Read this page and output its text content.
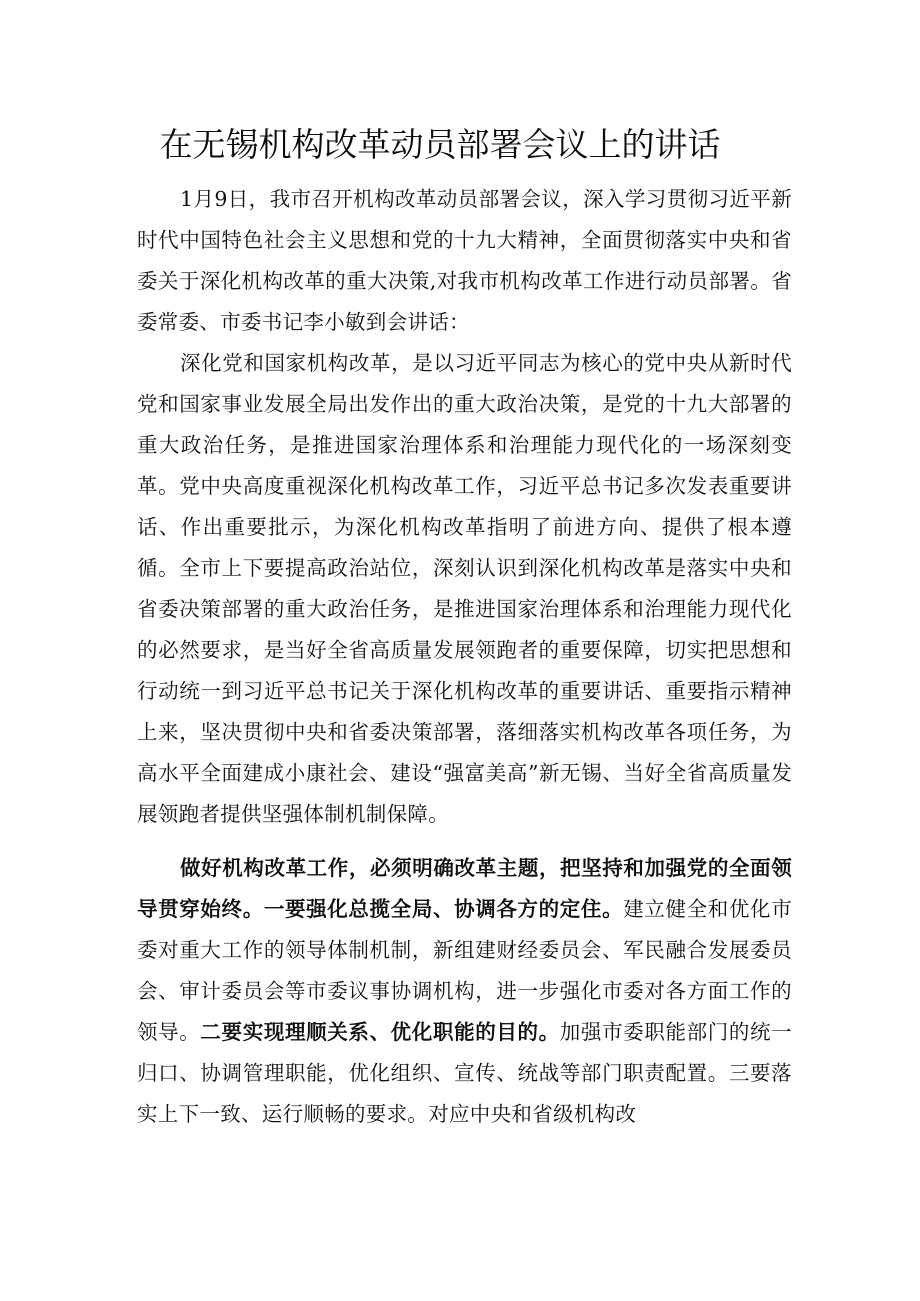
在无锡机构改革动员部署会议上的讲话

1月9日，我市召开机构改革动员部署会议，深入学习贯彻习近平新时代中国特色社会主义思想和党的十九大精神，全面贯彻落实中央和省委关于深化机构改革的重大决策,对我市机构改革工作进行动员部署。省委常委、市委书记李小敏到会讲话：

深化党和国家机构改革，是以习近平同志为核心的党中央从新时代党和国家事业发展全局出发作出的重大政治决策，是党的十九大部署的重大政治任务，是推进国家治理体系和治理能力现代化的一场深刻变革。党中央高度重视深化机构改革工作，习近平总书记多次发表重要讲话、作出重要批示，为深化机构改革指明了前进方向、提供了根本遵循。全市上下要提高政治站位，深刻认识到深化机构改革是落实中央和省委决策部署的重大政治任务，是推进国家治理体系和治理能力现代化的必然要求，是当好全省高质量发展领跑者的重要保障，切实把思想和行动统一到习近平总书记关于深化机构改革的重要讲话、重要指示精神上来，坚决贯彻中央和省委决策部署，落细落实机构改革各项任务，为高水平全面建成小康社会、建设“强富美高”新无锡、当好全省高质量发展领跑者提供坚强体制机制保障。

做好机构改革工作，必须明确改革主题，把坚持和加强党的全面领导贯穿始终。一要强化总揽全局、协调各方的定住。建立健全和优化市委对重大工作的领导体制机制，新组建财经委员会、军民融合发展委员会、审计委员会等市委议事协调机构，进一步强化市委对各方面工作的领导。二要实现理顺关系、优化职能的目的。加强市委职能部门的统一归口、协调管理职能，优化组织、宣传、统战等部门职责配置。三要落实上下一致、运行顺畅的要求。对应中央和省级机构改
